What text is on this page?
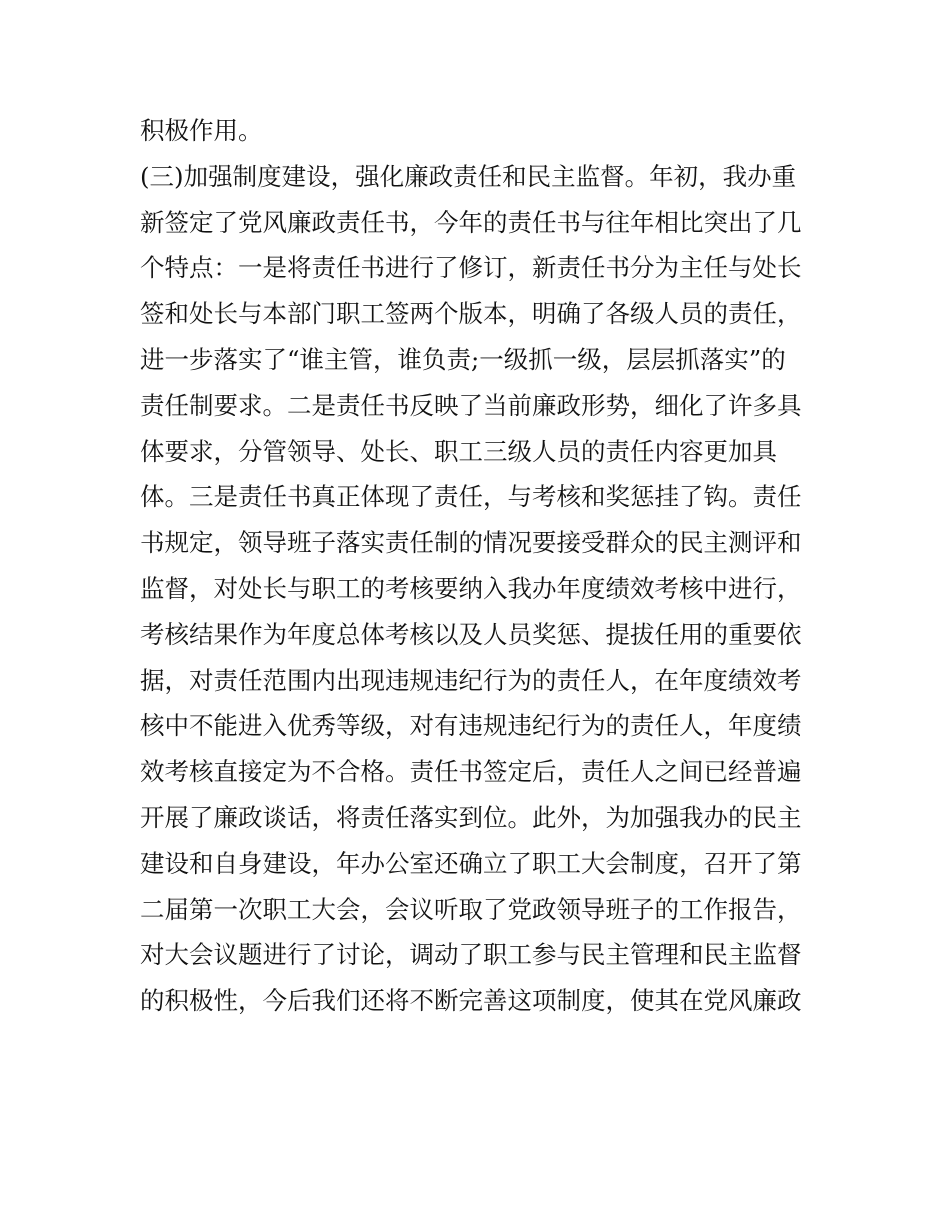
积极作用。
(三)加强制度建设，强化廉政责任和民主监督。年初，我办重
新签定了党风廉政责任书，今年的责任书与往年相比突出了几
个特点：一是将责任书进行了修订，新责任书分为主任与处长
签和处长与本部门职工签两个版本，明确了各级人员的责任，
进一步落实了“谁主管，谁负责;一级抓一级，层层抓落实”的
责任制要求。二是责任书反映了当前廉政形势，细化了许多具
体要求，分管领导、处长、职工三级人员的责任内容更加具
体。三是责任书真正体现了责任，与考核和奖惩挂了钩。责任
书规定，领导班子落实责任制的情况要接受群众的民主测评和
监督，对处长与职工的考核要纳入我办年度绩效考核中进行，
考核结果作为年度总体考核以及人员奖惩、提拔任用的重要依
据，对责任范围内出现违规违纪行为的责任人，在年度绩效考
核中不能进入优秀等级，对有违规违纪行为的责任人，年度绩
效考核直接定为不合格。责任书签定后，责任人之间已经普遍
开展了廉政谈话，将责任落实到位。此外，为加强我办的民主
建设和自身建设，年办公室还确立了职工大会制度，召开了第
二届第一次职工大会，会议听取了党政领导班子的工作报告，
对大会议题进行了讨论，调动了职工参与民主管理和民主监督
的积极性，今后我们还将不断完善这项制度，使其在党风廉政
